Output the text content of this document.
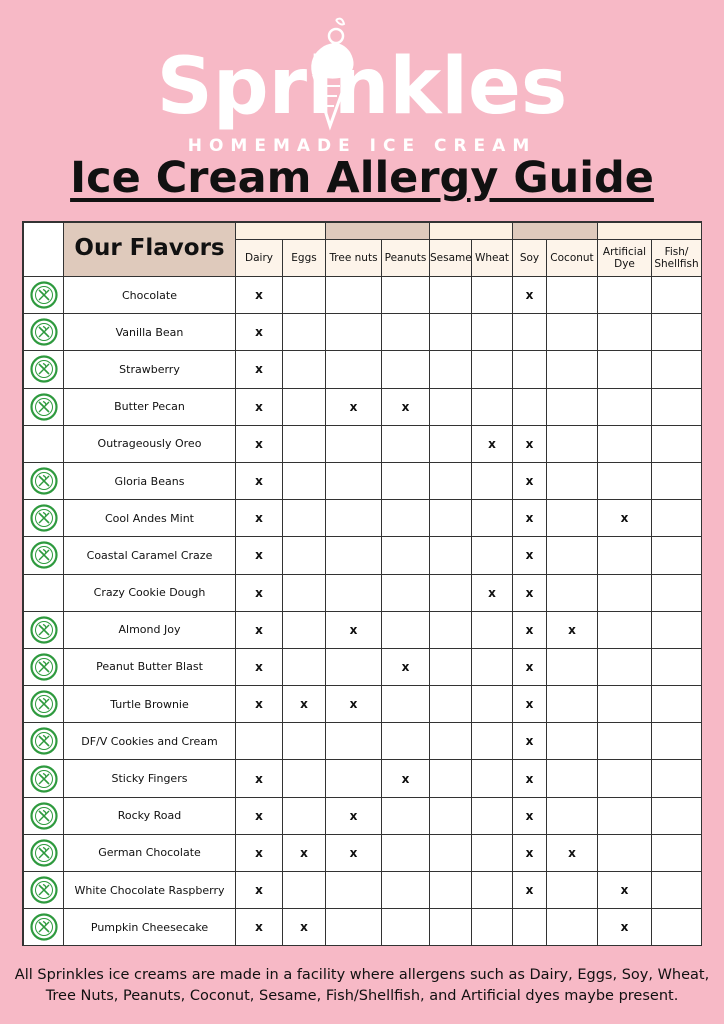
Sprinkles
HOMEMADE ICE CREAM
Ice Cream Allergy Guide
	Our Flavors										
		Dairy	Eggs	Tree nuts	Peanuts	Sesame	Wheat	Soy	Coconut	Artificial Dye	Fish/ Shellfish

	Chocolate	x						x			

	Vanilla Bean	x									

	Strawberry	x									

	Butter Pecan	x		x	x						
	Outrageously Oreo	x					x	x			

	Gloria Beans	x						x			

	Cool Andes Mint	x						x		x	

	Coastal Caramel Craze	x						x			
	Crazy Cookie Dough	x					x	x			

	Almond Joy	x		x				x	x		

	Peanut Butter Blast	x			x			x			

	Turtle Brownie	x	x	x				x			

	DF/V Cookies and Cream							x			

	Sticky Fingers	x			x			x			

	Rocky Road	x		x				x			

	German Chocolate	x	x	x				x	x		

	White Chocolate Raspberry	x						x		x	

	Pumpkin Cheesecake	x	x							x	
All Sprinkles ice creams are made in a facility where allergens such as Dairy, Eggs, Soy, Wheat, Tree Nuts, Peanuts, Coconut, Sesame, Fish/Shellfish, and Artificial dyes maybe present.
